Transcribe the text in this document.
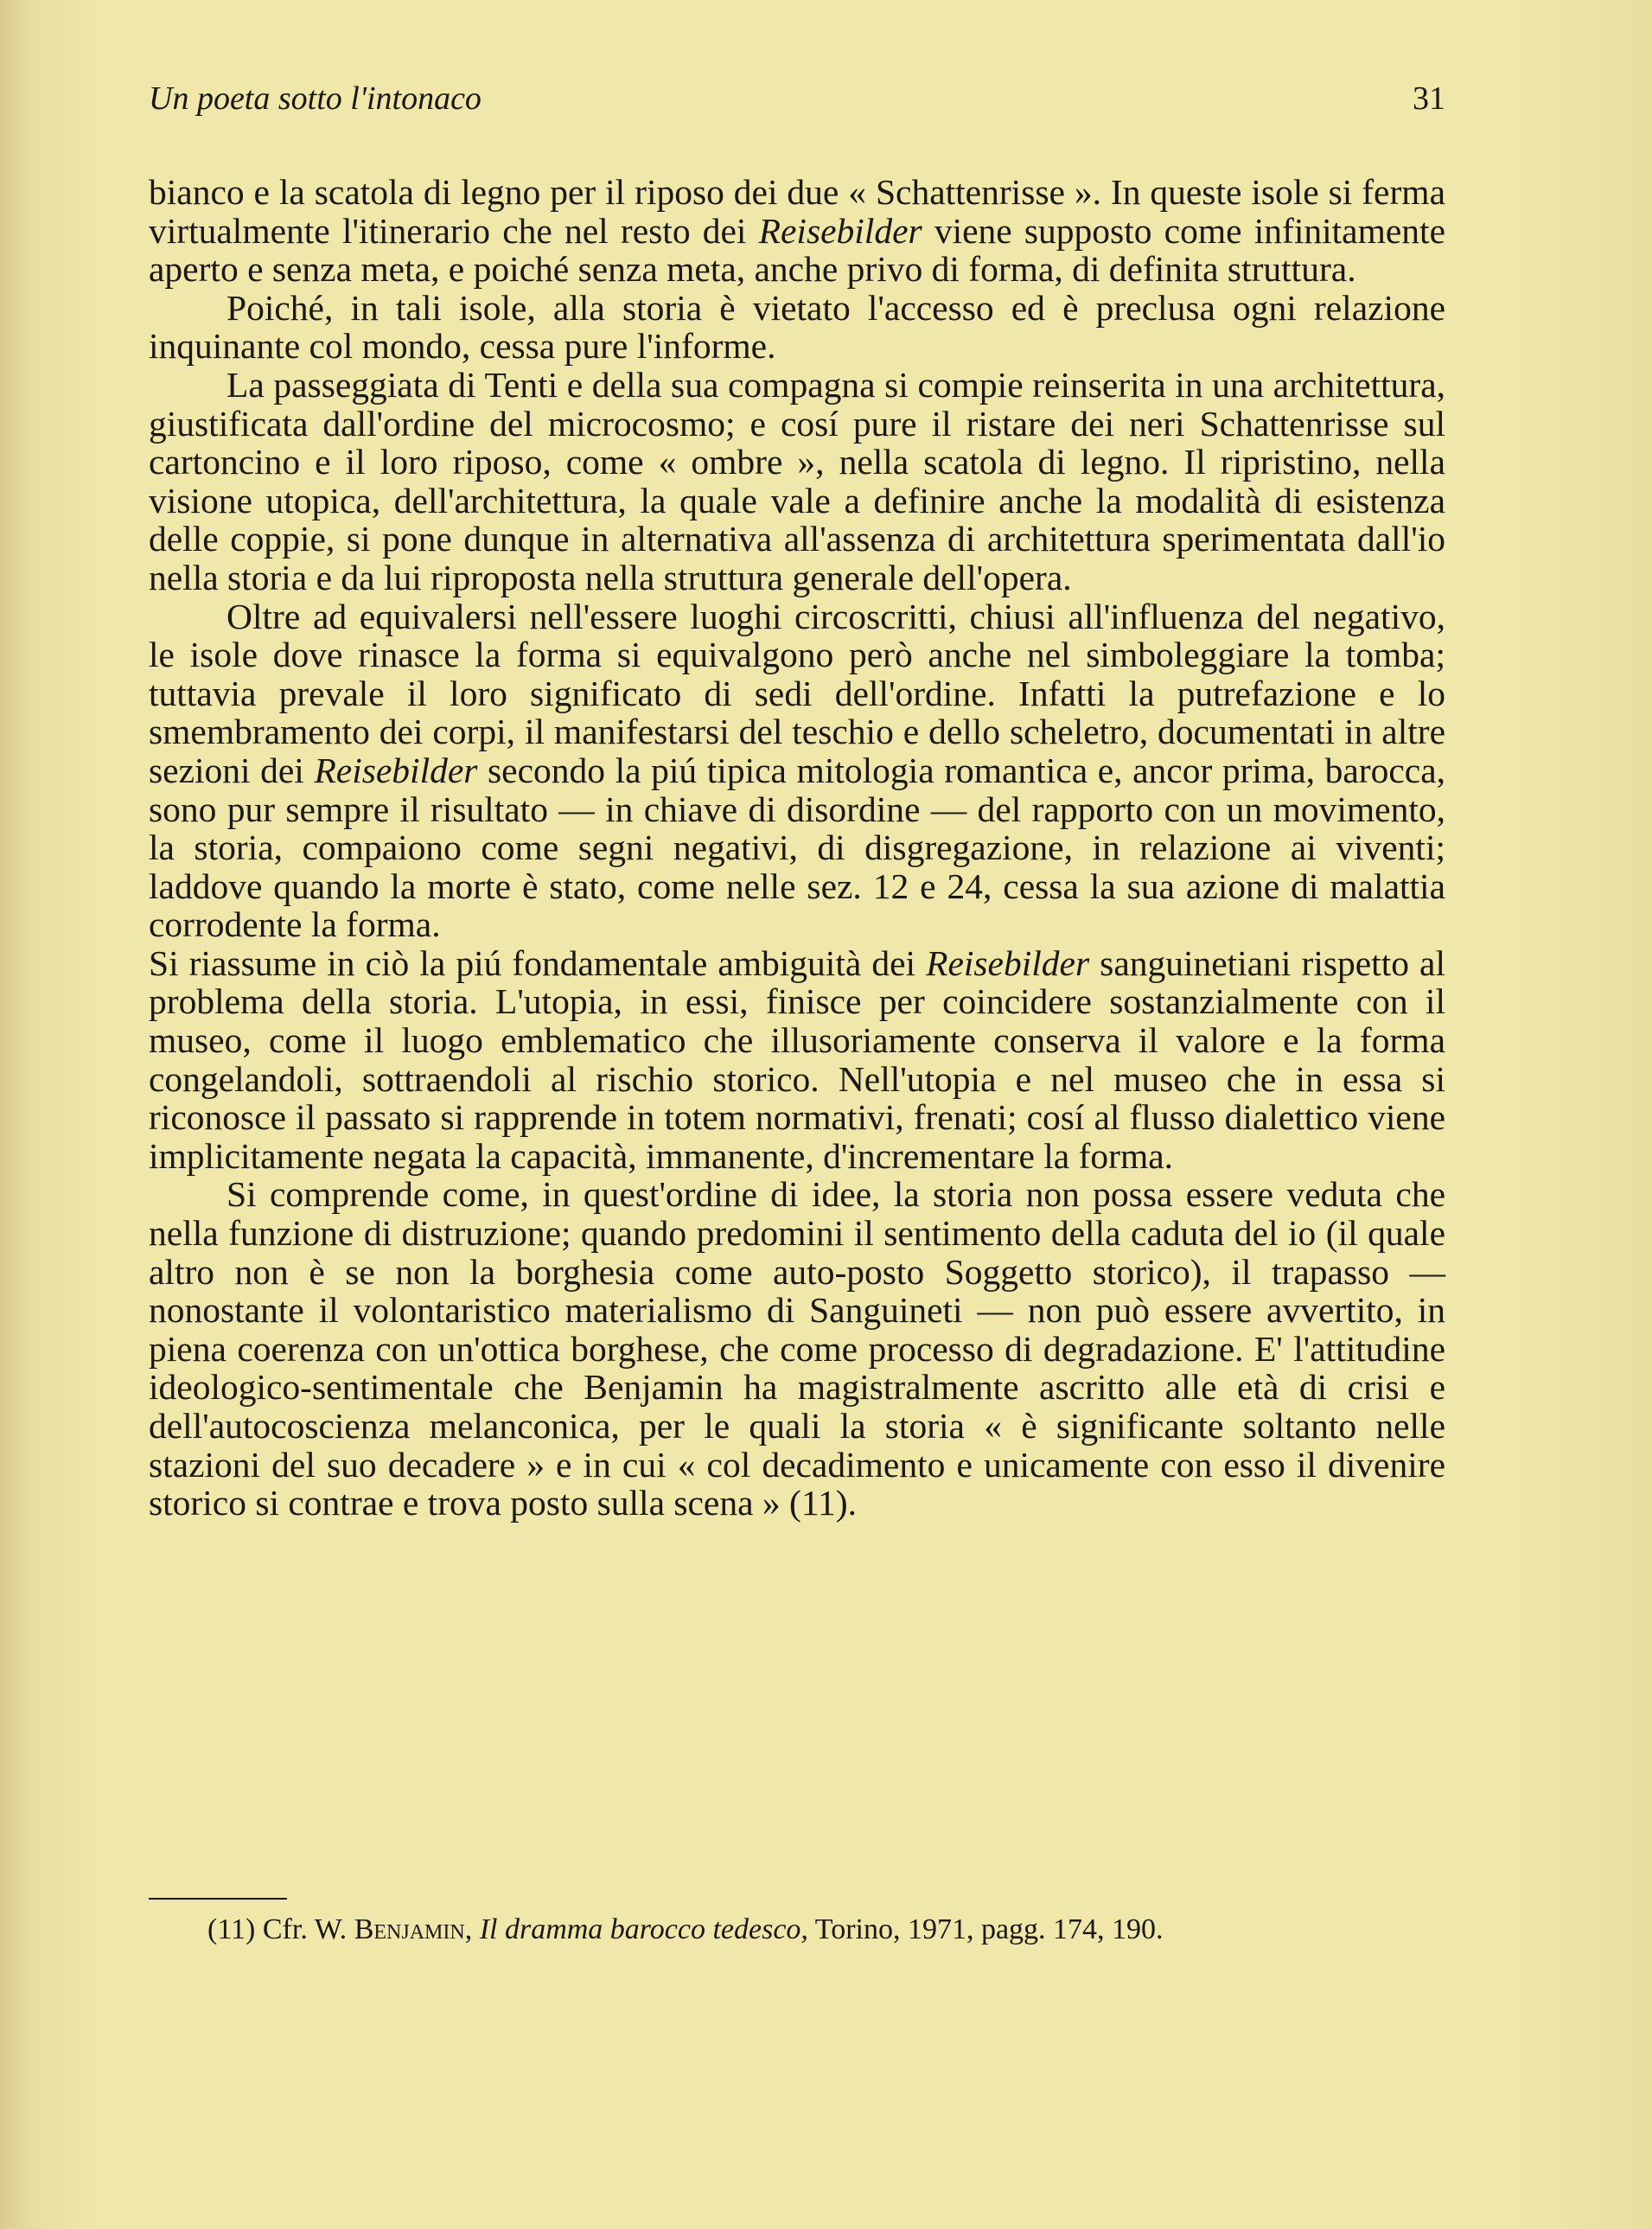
Un poeta sotto l'intonaco	31

bianco e la scatola di legno per il riposo dei due « Schattenrisse ». In queste isole si ferma virtualmente l'itinerario che nel resto dei Reisebilder viene supposto come infinitamente aperto e senza meta, e poiché senza meta, anche privo di forma, di definita struttura.

Poiché, in tali isole, alla storia è vietato l'accesso ed è preclusa ogni relazione inquinante col mondo, cessa pure l'informe.

La passeggiata di Tenti e della sua compagna si compie reinserita in una architettura, giustificata dall'ordine del microcosmo; e cosí pure il ristare dei neri Schattenrisse sul cartoncino e il loro riposo, come « ombre », nella scatola di legno. Il ripristino, nella visione utopica, dell'architettura, la quale vale a definire anche la modalità di esistenza delle coppie, si pone dunque in alternativa all'assenza di architettura sperimentata dall'io nella storia e da lui riproposta nella struttura generale dell'opera.

Oltre ad equivalersi nell'essere luoghi circoscritti, chiusi all'influenza del negativo, le isole dove rinasce la forma si equivalgono però anche nel simboleggiare la tomba; tuttavia prevale il loro significato di sedi dell'ordine. Infatti la putrefazione e lo smembramento dei corpi, il manifestarsi del teschio e dello scheletro, documentati in altre sezioni dei Reisebilder secondo la piú tipica mitologia romantica e, ancor prima, barocca, sono pur sempre il risultato — in chiave di disordine — del rapporto con un movimento, la storia, compaiono come segni negativi, di disgregazione, in relazione ai viventi; laddove quando la morte è stato, come nelle sez. 12 e 24, cessa la sua azione di malattia corrodente la forma.

Si riassume in ciò la piú fondamentale ambiguità dei Reisebilder sanguinetiani rispetto al problema della storia. L'utopia, in essi, finisce per coincidere sostanzialmente con il museo, come il luogo emblematico che illusoriamente conserva il valore e la forma congelandoli, sottraendoli al rischio storico. Nell'utopia e nel museo che in essa si riconosce il passato si rapprende in totem normativi, frenati; cosí al flusso dialettico viene implicitamente negata la capacità, immanente, d'incrementare la forma.

Si comprende come, in quest'ordine di idee, la storia non possa essere veduta che nella funzione di distruzione; quando predomini il sentimento della caduta del io (il quale altro non è se non la borghesia come auto-posto Soggetto storico), il trapasso — nonostante il volontaristico materialismo di Sanguineti — non può essere avvertito, in piena coerenza con un'ottica borghese, che come processo di degradazione. E' l'attitudine ideologico-sentimentale che Benjamin ha magistralmente ascritto alle età di crisi e dell'autocoscienza melanconica, per le quali la storia « è significante soltanto nelle stazioni del suo decadere » e in cui « col decadimento e unicamente con esso il divenire storico si contrae e trova posto sulla scena » (11).

(11) Cfr. W. Benjamin, Il dramma barocco tedesco, Torino, 1971, pagg. 174, 190.
